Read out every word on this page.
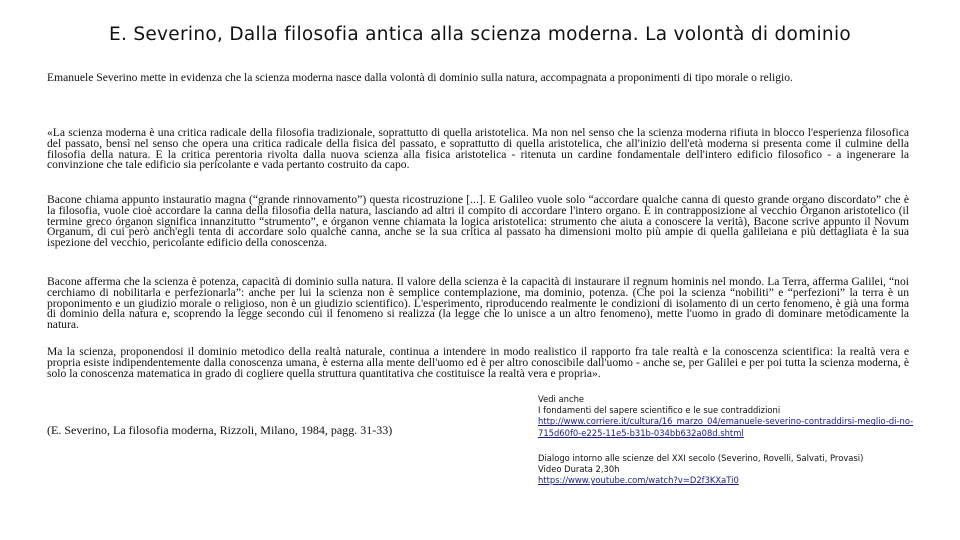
E. Severino, Dalla filosofia antica alla scienza moderna. La volontà di dominio
Emanuele Severino mette in evidenza che la scienza moderna nasce dalla volontà di dominio sulla natura, accompagnata a proponimenti di tipo morale o religio.
«La scienza moderna è una critica radicale della filosofia tradizionale, soprattutto di quella aristotelica. Ma non nel senso che la scienza moderna rifiuta in blocco l'esperienza filosofica del passato, bensì nel senso che opera una critica radicale della fisica del passato, e soprattutto di quella aristotelica, che all'inizio dell'età moderna si presenta come il culmine della filosofia della natura. E la critica perentoria rivolta dalla nuova scienza alla fisica aristotelica - ritenuta un cardine fondamentale dell'intero edificio filosofico - a ingenerare la convinzione che tale edificio sia pericolante e vada pertanto costruito da capo.
Bacone chiama appunto instauratio magna (“grande rinnovamento”) questa ricostruzione [...]. E Galileo vuole solo “accordare qualche canna di questo grande organo discordato” che è la filosofia, vuole cioè accordare la canna della filosofia della natura, lasciando ad altri il compito di accordare l'intero organo. E in contrapposizione al vecchio Organon aristotelico (il termine greco órganon significa innanzitutto “strumento”, e órganon venne chiamata la logica aristotelica: strumento che aiuta a conoscere la verità), Bacone scrive appunto il Novum Organum, di cui però anch'egli tenta di accordare solo qualche canna, anche se la sua critica al passato ha dimensioni molto più ampie di quella galileiana e più dettagliata è la sua ispezione del vecchio, pericolante edificio della conoscenza.
Bacone afferma che la scienza è potenza, capacità di dominio sulla natura. Il valore della scienza è la capacità di instaurare il regnum hominis nel mondo. La Terra, afferma Galilei, “noi cerchiamo di nobilitarla e perfezionarla”: anche per lui la scienza non è semplice contemplazione, ma dominio, potenza. (Che poi la scienza “nobiliti” e “perfezioni” la terra è un proponimento e un giudizio morale o religioso, non è un giudizio scientifico). L'esperimento, riproducendo realmente le condizioni di isolamento di un certo fenomeno, è già una forma di dominio della natura e, scoprendo la legge secondo cui il fenomeno si realizza (la legge che lo unisce a un altro fenomeno), mette l'uomo in grado di dominare metodicamente la natura.
Ma la scienza, proponendosi il dominio metodico della realtà naturale, continua a intendere in modo realistico il rapporto fra tale realtà e la conoscenza scientifica: la realtà vera e propria esiste indipendentemente dalla conoscenza umana, è esterna alla mente dell'uomo ed è per altro conoscibile dall'uomo - anche se, per Galilei e per poi tutta la scienza moderna, è solo la conoscenza matematica in grado di cogliere quella struttura quantitativa che costituisce la realtà vera e propria».
(E. Severino, La filosofia moderna, Rizzoli, Milano, 1984, pagg. 31-33)
Vedi anche
I fondamenti del sapere scientifico e le sue contraddizioni
http://www.corriere.it/cultura/16_marzo_04/emanuele-severino-contraddirsi-meglio-di-no-715d60f0-e225-11e5-b31b-034bb632a08d.shtml
Dialogo intorno alle scienze del XXI secolo (Severino, Rovelli, Salvati, Provasi)
Video Durata 2,30h
https://www.youtube.com/watch?v=D2f3KXaTi0
